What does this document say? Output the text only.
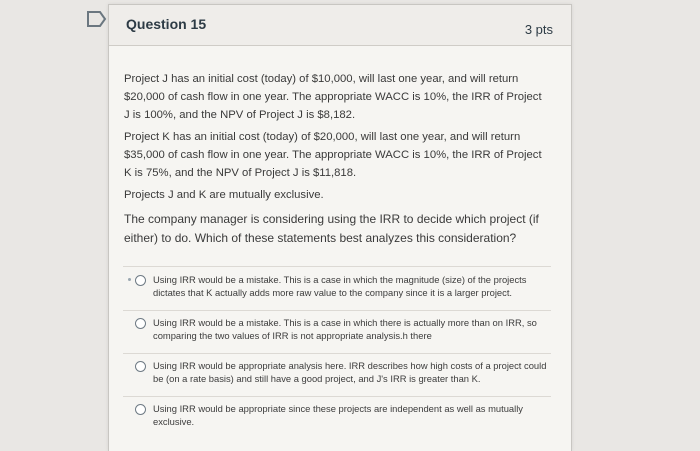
Question 15	3 pts
Project J has an initial cost (today) of $10,000, will last one year, and will return $20,000 of cash flow in one year. The appropriate WACC is 10%, the IRR of Project J is 100%, and the NPV of Project J is $8,182.
Project K has an initial cost (today) of $20,000, will last one year, and will return $35,000 of cash flow in one year. The appropriate WACC is 10%, the IRR of Project K is 75%, and the NPV of Project J is $11,818.
Projects J and K are mutually exclusive.
The company manager is considering using the IRR to decide which project (if either) to do. Which of these statements best analyzes this consideration?
Using IRR would be a mistake. This is a case in which the magnitude (size) of the projects dictates that K actually adds more raw value to the company since it is a larger project.
Using IRR would be a mistake. This is a case in which there is actually more than on IRR, so comparing the two values of IRR is not appropriate analysis.h there
Using IRR would be appropriate analysis here. IRR describes how high costs of a project could be (on a rate basis) and still have a good project, and J's IRR is greater than K.
Using IRR would be appropriate since these projects are independent as well as mutually exclusive.
